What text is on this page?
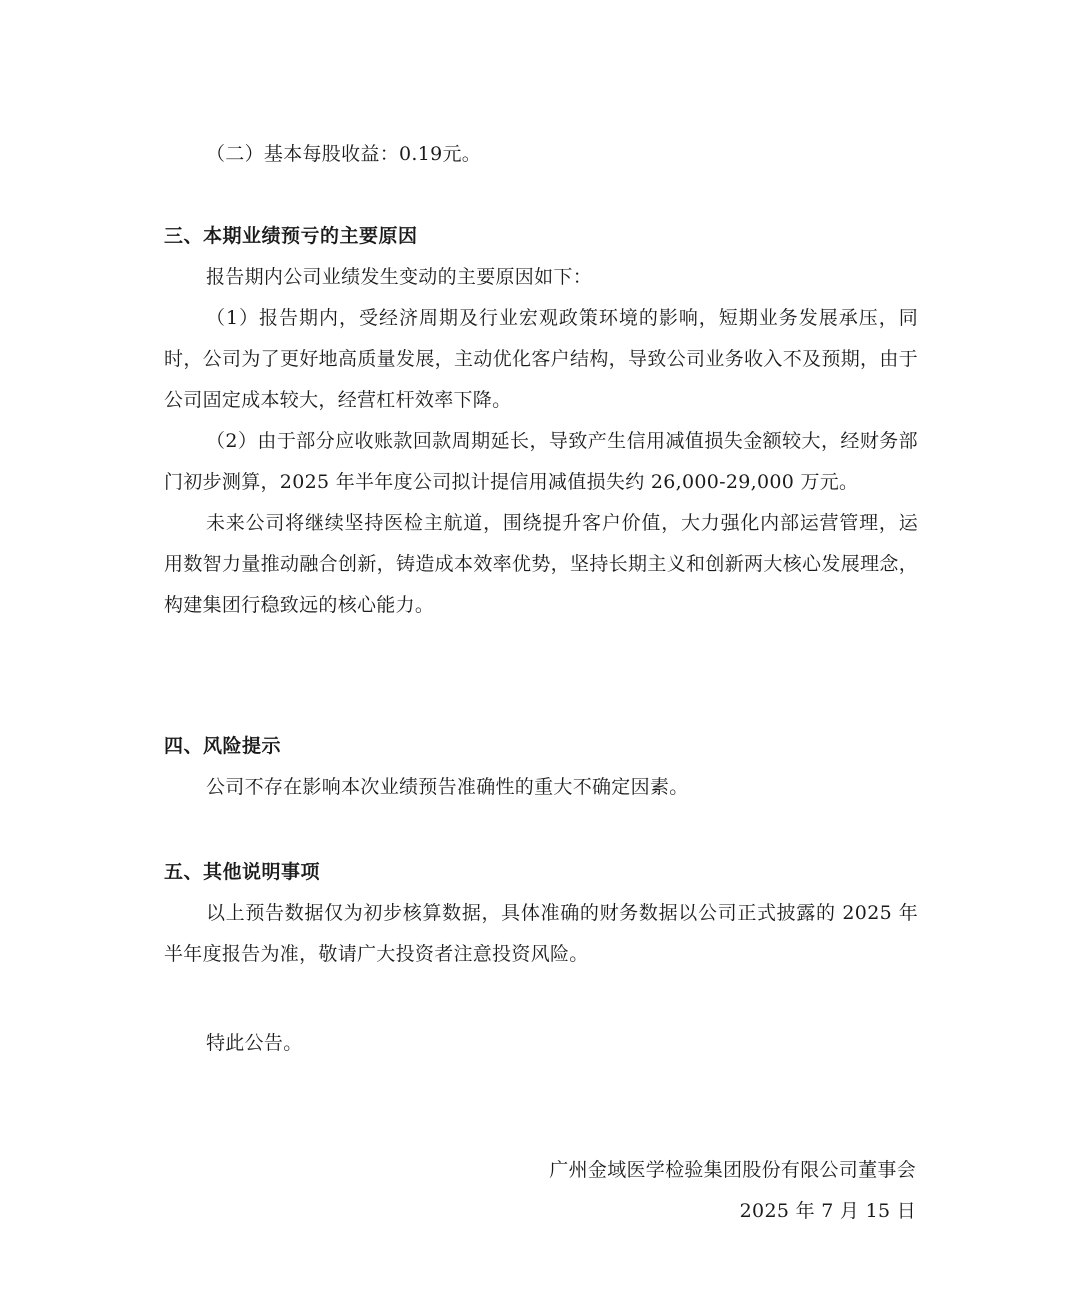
（二）基本每股收益：0.19元。

三、本期业绩预亏的主要原因

报告期内公司业绩发生变动的主要原因如下：

（1）报告期内，受经济周期及行业宏观政策环境的影响，短期业务发展承压，同时，公司为了更好地高质量发展，主动优化客户结构，导致公司业务收入不及预期，由于公司固定成本较大，经营杠杆效率下降。

（2）由于部分应收账款回款周期延长，导致产生信用减值损失金额较大，经财务部门初步测算，2025 年半年度公司拟计提信用减值损失约 26,000-29,000 万元。

未来公司将继续坚持医检主航道，围绕提升客户价值，大力强化内部运营管理，运用数智力量推动融合创新，铸造成本效率优势，坚持长期主义和创新两大核心发展理念，构建集团行稳致远的核心能力。

四、风险提示

公司不存在影响本次业绩预告准确性的重大不确定因素。

五、其他说明事项

以上预告数据仅为初步核算数据，具体准确的财务数据以公司正式披露的 2025 年半年度报告为准，敬请广大投资者注意投资风险。

特此公告。

广州金域医学检验集团股份有限公司董事会
2025 年 7 月 15 日
